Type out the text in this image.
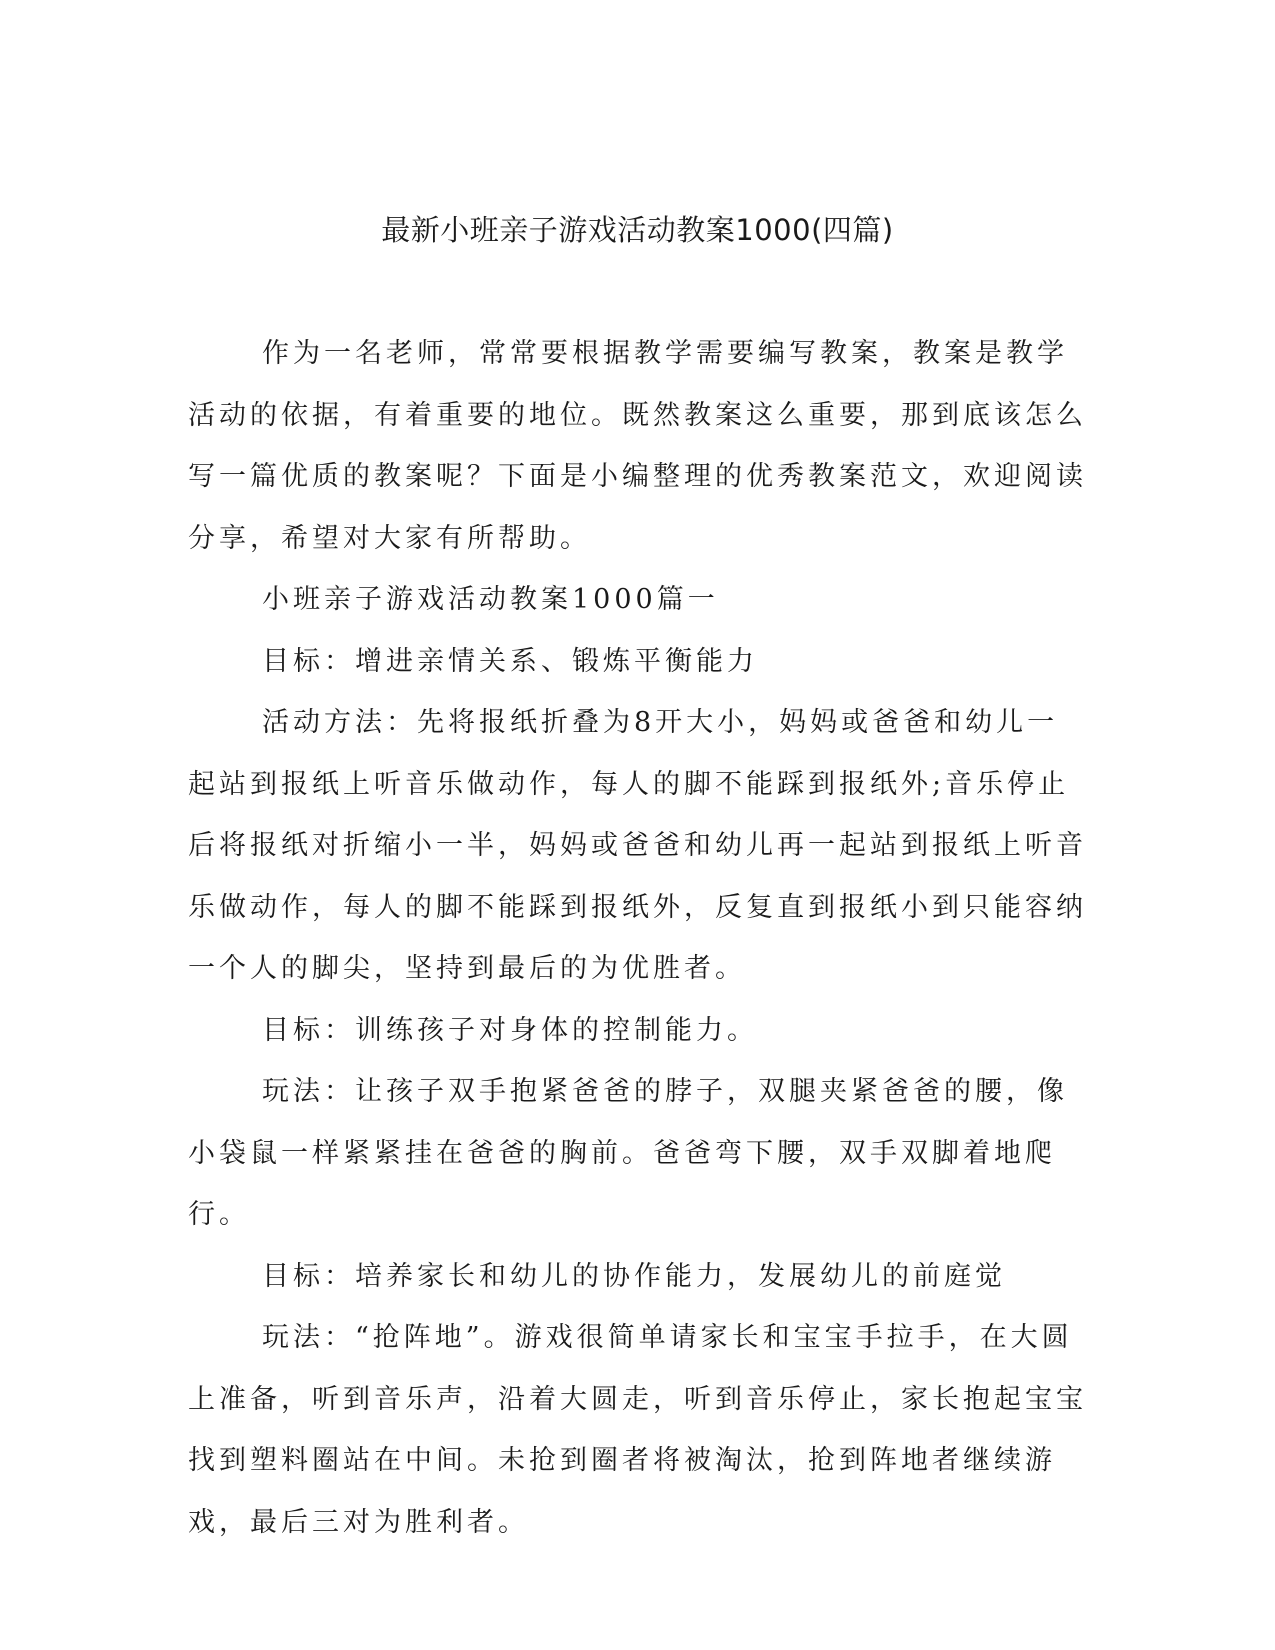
最新小班亲子游戏活动教案1000(四篇)

作为一名老师，常常要根据教学需要编写教案，教案是教学活动的依据，有着重要的地位。既然教案这么重要，那到底该怎么写一篇优质的教案呢？下面是小编整理的优秀教案范文，欢迎阅读分享，希望对大家有所帮助。

小班亲子游戏活动教案1000篇一

目标：增进亲情关系、锻炼平衡能力

活动方法：先将报纸折叠为8开大小，妈妈或爸爸和幼儿一起站到报纸上听音乐做动作，每人的脚不能踩到报纸外;音乐停止后将报纸对折缩小一半，妈妈或爸爸和幼儿再一起站到报纸上听音乐做动作，每人的脚不能踩到报纸外，反复直到报纸小到只能容纳一个人的脚尖，坚持到最后的为优胜者。

目标：训练孩子对身体的控制能力。

玩法：让孩子双手抱紧爸爸的脖子，双腿夹紧爸爸的腰，像小袋鼠一样紧紧挂在爸爸的胸前。爸爸弯下腰，双手双脚着地爬行。

目标：培养家长和幼儿的协作能力，发展幼儿的前庭觉

玩法：“抢阵地”。游戏很简单请家长和宝宝手拉手，在大圆上准备，听到音乐声，沿着大圆走，听到音乐停止，家长抱起宝宝找到塑料圈站在中间。未抢到圈者将被淘汰，抢到阵地者继续游戏，最后三对为胜利者。
